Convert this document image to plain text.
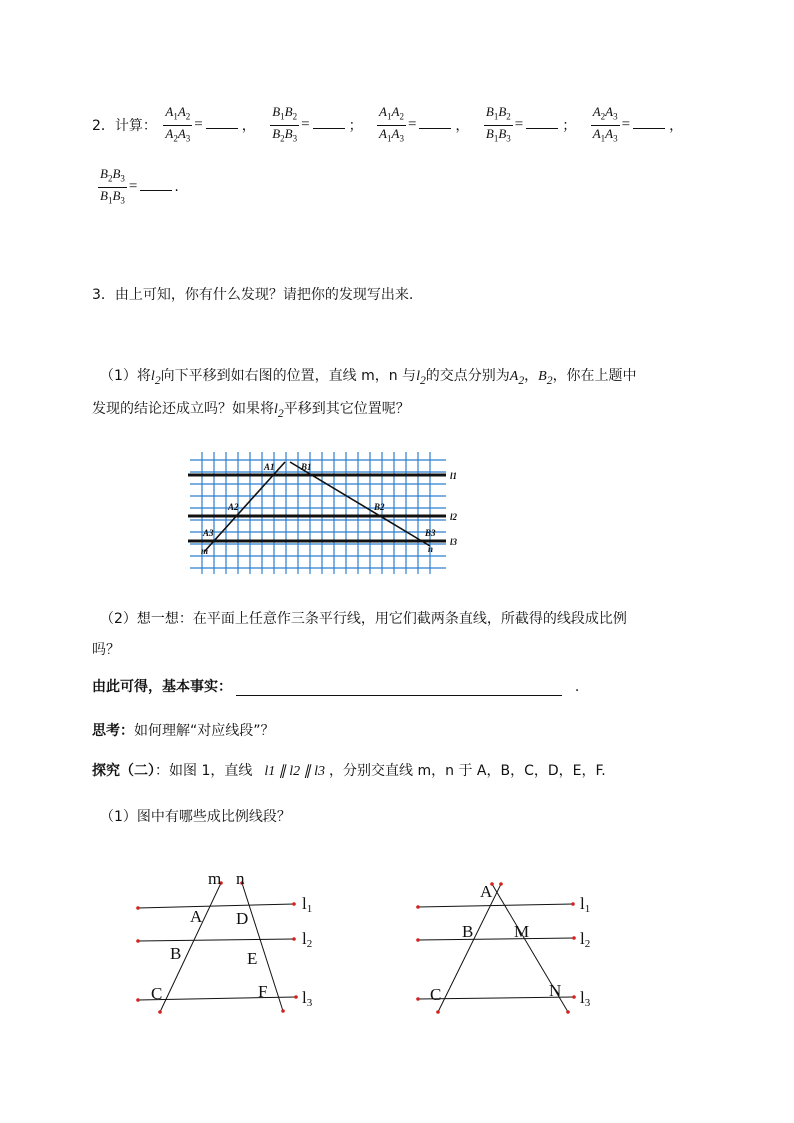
2．计算： $\frac{A_1A_2}{A_2A_3}$ =	， $\frac{B_1B_2}{B_2B_3}$ =	； $\frac{A_1A_2}{A_1A_3}$ =	， $\frac{B_1B_2}{B_1B_3}$ =	； $\frac{A_2A_3}{A_1A_3}$ =	，
$\frac{B_2B_3}{B_1B_3}$ =	.
3．由上可知，你有什么发现？请把你的发现写出来.
（1）将$l_2$向下平移到如右图的位置，直线 m，n 与$l_2$的交点分别为$A_2$，$B_2$，你在上题中
发现的结论还成立吗？如果将$l_2$平移到其它位置呢？
A1	B1
A2	B2
A3	B3
m	n
l1
l2
l3
（2）想一想：在平面上任意作三条平行线，用它们截两条直线，所截得的线段成比例
吗？
由此可得，基本事实：	.
思考：如何理解“对应线段”？
探究（二）：如图 1，直线 l1 ∥ l2 ∥ l3 ，分别交直线 m，n 于 A，B，C，D，E，F.
（1）图中有哪些成比例线段？
m n
A D
B	E
C	F
l1
l2
l3
A
B M
C	N
l1
l2
l3
